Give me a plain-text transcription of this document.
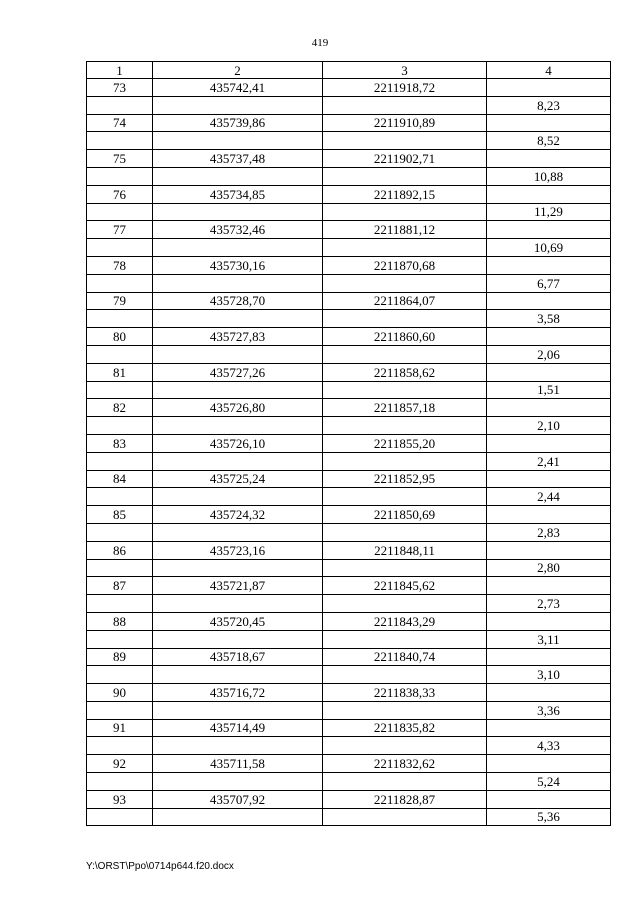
419
1	2	3	4
73	435742,41	2211918,72	
			8,23
74	435739,86	2211910,89	
			8,52
75	435737,48	2211902,71	
			10,88
76	435734,85	2211892,15	
			11,29
77	435732,46	2211881,12	
			10,69
78	435730,16	2211870,68	
			6,77
79	435728,70	2211864,07	
			3,58
80	435727,83	2211860,60	
			2,06
81	435727,26	2211858,62	
			1,51
82	435726,80	2211857,18	
			2,10
83	435726,10	2211855,20	
			2,41
84	435725,24	2211852,95	
			2,44
85	435724,32	2211850,69	
			2,83
86	435723,16	2211848,11	
			2,80
87	435721,87	2211845,62	
			2,73
88	435720,45	2211843,29	
			3,11
89	435718,67	2211840,74	
			3,10
90	435716,72	2211838,33	
			3,36
91	435714,49	2211835,82	
			4,33
92	435711,58	2211832,62	
			5,24
93	435707,92	2211828,87	
			5,36
Y:\ORST\Ppo\0714p644.f20.docx
